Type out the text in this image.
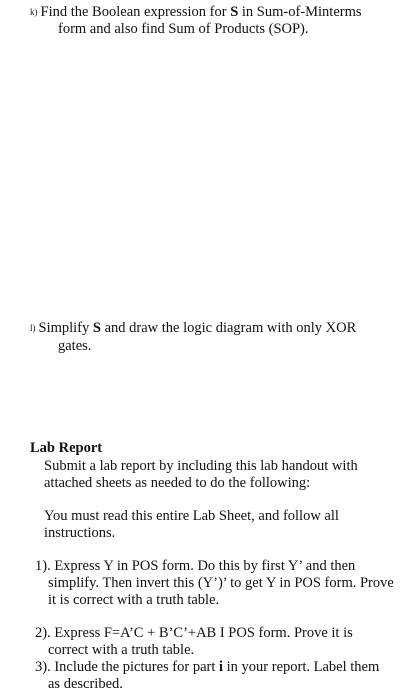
k) Find the Boolean expression for S in Sum-of-Minterms
form and also find Sum of Products (SOP).
l) Simplify S and draw the logic diagram with only XOR
gates.
Lab Report
Submit a lab report by including this lab handout with
attached sheets as needed to do the following:
You must read this entire Lab Sheet, and follow all
instructions.
1). Express Y in POS form. Do this by first Y’ and then
simplify. Then invert this (Y’)’ to get Y in POS form. Prove
it is correct with a truth table.
2). Express F=A’C + B’C’+AB I POS form. Prove it is
correct with a truth table.
3). Include the pictures for part i in your report. Label them
as described.
